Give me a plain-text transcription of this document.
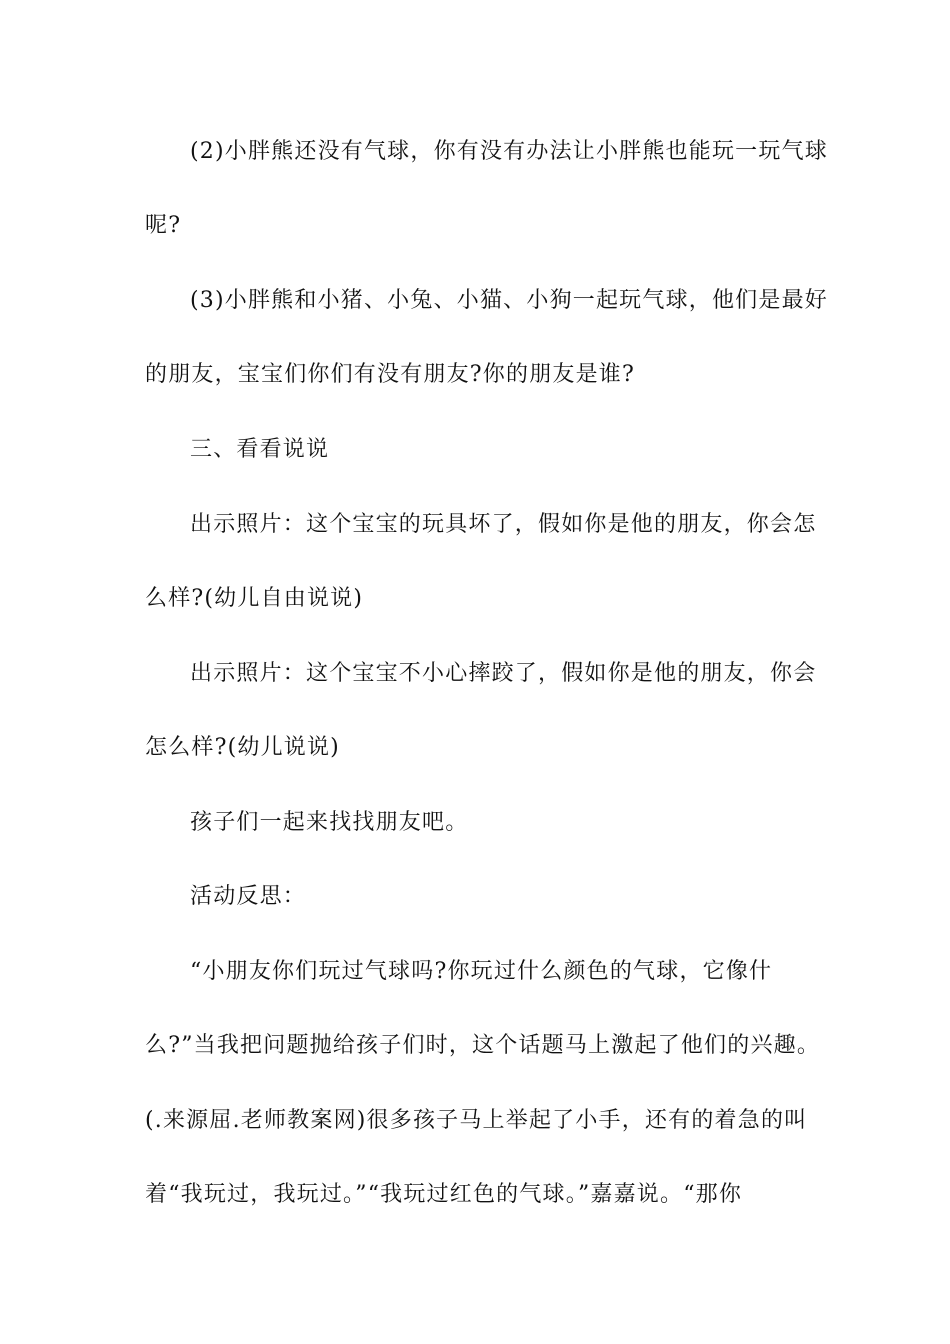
(2)小胖熊还没有气球，你有没有办法让小胖熊也能玩一玩气球
呢?
(3)小胖熊和小猪、小兔、小猫、小狗一起玩气球，他们是最好
的朋友，宝宝们你们有没有朋友?你的朋友是谁?
三、看看说说
出示照片：这个宝宝的玩具坏了，假如你是他的朋友，你会怎
么样?(幼儿自由说说)
出示照片：这个宝宝不小心摔跤了，假如你是他的朋友，你会
怎么样?(幼儿说说)
孩子们一起来找找朋友吧。
活动反思：
“小朋友你们玩过气球吗?你玩过什么颜色的气球，它像什
么?”当我把问题抛给孩子们时，这个话题马上激起了他们的兴趣。
(.来源屈.老师教案网)很多孩子马上举起了小手，还有的着急的叫
着“我玩过，我玩过。”“我玩过红色的气球。”嘉嘉说。“那你
